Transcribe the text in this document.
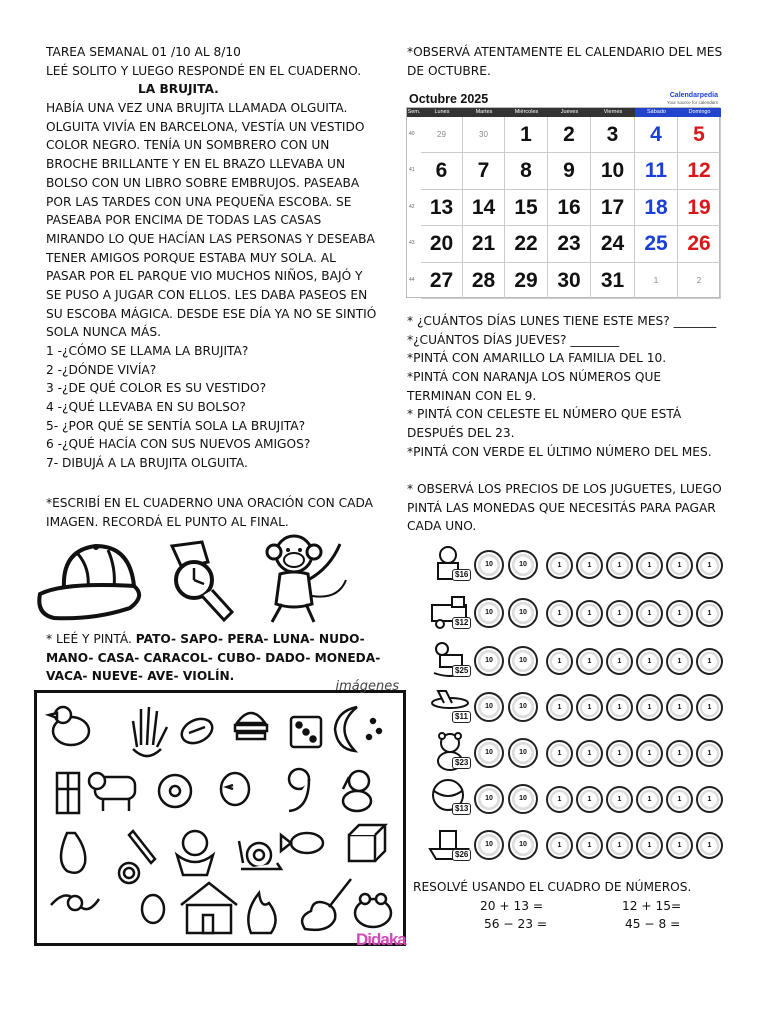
TAREA SEMANAL 01 /10 AL 8/10
LEÉ SOLITO Y LUEGO RESPONDÉ EN EL CUADERNO.
LA BRUJITA.
HABÍA UNA VEZ UNA BRUJITA LLAMADA OLGUITA.
OLGUITA VIVÍA EN BARCELONA, VESTÍA UN VESTIDO
COLOR NEGRO. TENÍA UN SOMBRERO CON UN
BROCHE BRILLANTE Y EN EL BRAZO LLEVABA UN
BOLSO CON UN LIBRO SOBRE EMBRUJOS. PASEABA
POR LAS TARDES CON UNA PEQUEÑA ESCOBA. SE
PASEABA POR ENCIMA DE TODAS LAS CASAS
MIRANDO LO QUE HACÍAN LAS PERSONAS Y DESEABA
TENER AMIGOS PORQUE ESTABA MUY SOLA. AL
PASAR POR EL PARQUE VIO MUCHOS NIÑOS, BAJÓ Y
SE PUSO A JUGAR CON ELLOS. LES DABA PASEOS EN
SU ESCOBA MÁGICA. DESDE ESE DÍA YA NO SE SINTIÓ
SOLA NUNCA MÁS.
1 -¿CÓMO SE LLAMA LA BRUJITA?
2 -¿DÓNDE VIVÍA?
3 -¿DE QUÉ COLOR ES SU VESTIDO?
4 -¿QUÉ LLEVABA EN SU BOLSO?
5- ¿POR QUÉ SE SENTÍA SOLA LA BRUJITA?
6 -¿QUÉ HACÍA CON SUS NUEVOS AMIGOS?
7- DIBUJÁ A LA BRUJITA OLGUITA.
*ESCRIBÍ EN EL CUADERNO UNA ORACIÓN CON CADA
IMAGEN. RECORDÁ EL PUNTO AL FINAL.
* LEÉ Y PINTÁ. PATO- SAPO- PERA- LUNA- NUDO-
MANO- CASA- CARACOL- CUBO- DADO- MONEDA-
VACA- NUEVE- AVE- VIOLÍN.
imágenes
Didaka
*OBSERVÁ ATENTAMENTE EL CALENDARIO DEL MES
DE OCTUBRE.
Octubre 2025	Calendarpedia
Your source for calendars
Sem.	Lunes	Martes	Miércoles	Jueves	Viernes	Sábado	Domingo
40	29	30	1	2	3	4	5
41	6	7	8	9	10 11 12
42 13 14 15 16 17 18 19
43 20 21 22 23 24 25 26
44 27 28 29 30 31	1	2
* ¿CUÁNTOS DÍAS LUNES TIENE ESTE MES? _______
*¿CUÁNTOS DÍAS JUEVES? ________
*PINTÁ CON AMARILLO LA FAMILIA DEL 10.
*PINTÁ CON NARANJA LOS NÚMEROS QUE
TERMINAN CON EL 9.
* PINTÁ CON CELESTE EL NÚMERO QUE ESTÁ
DESPUÉS DEL 23.
*PINTÁ CON VERDE EL ÚLTIMO NÚMERO DEL MES.
* OBSERVÁ LOS PRECIOS DE LOS JUGUETES, LUEGO
PINTÁ LAS MONEDAS QUE NECESITÁS PARA PAGAR
CADA UNO.
$16
10	10	1	1	1	1	1	1
$12
10	10	1	1	1	1	1	1
$25
10	10	1	1	1	1	1	1
$11
10	10	1	1	1	1	1	1
$23
10	10	1	1	1	1	1	1
$13
10	10	1	1	1	1	1	1
$26
10	10	1	1	1	1	1	1
RESOLVÉ USANDO EL CUADRO DE NÚMEROS.
20 + 13 =	12 + 15=
56 − 23 =	45 − 8 =
